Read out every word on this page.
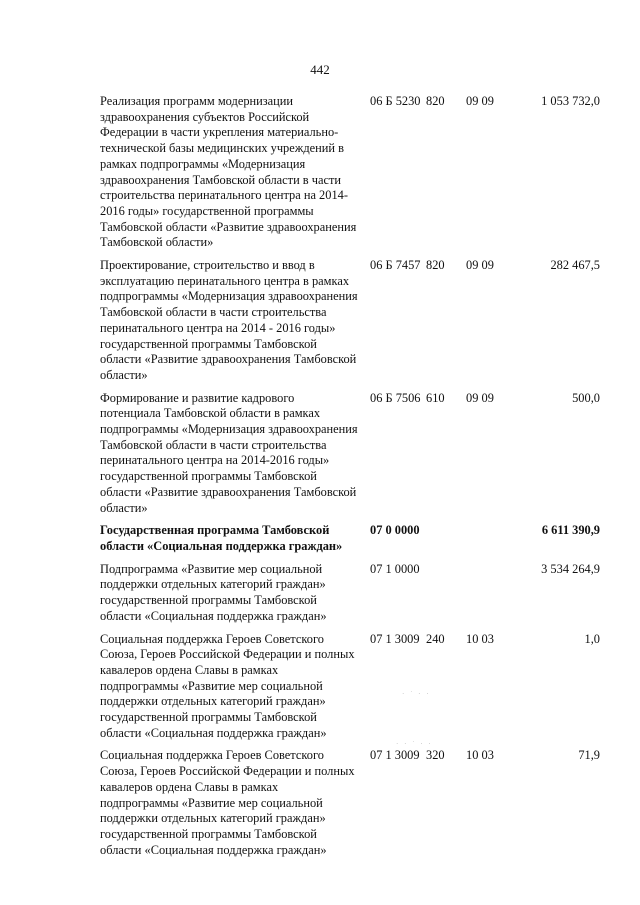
442
Реализация программ модернизации здравоохранения субъектов Российской Федерации в части укрепления материально-технической базы медицинских учреждений в рамках подпрограммы «Модернизация здравоохранения Тамбовской области в части строительства перинатального центра на 2014-2016 годы» государственной программы Тамбовской области «Развитие здравоохранения Тамбовской области»	06 Б 5230	820	09 09	1 053 732,0
Проектирование, строительство и ввод в эксплуатацию перинатального центра в рамках подпрограммы «Модернизация здравоохранения Тамбовской области в части строительства перинатального центра на 2014 - 2016 годы» государственной программы Тамбовской области «Развитие здравоохранения Тамбовской области»	06 Б 7457	820	09 09	282 467,5
Формирование и развитие кадрового потенциала Тамбовской области в рамках подпрограммы «Модернизация здравоохранения Тамбовской области в части строительства перинатального центра на 2014-2016 годы» государственной программы Тамбовской области «Развитие здравоохранения Тамбовской области»	06 Б 7506	610	09 09	500,0
Государственная программа Тамбовской области «Социальная поддержка граждан»	07 0 0000			6 611 390,9
Подпрограмма «Развитие мер социальной поддержки отдельных категорий граждан» государственной программы Тамбовской области «Социальная поддержка граждан»	07 1 0000			3 534 264,9
Социальная поддержка Героев Советского Союза, Героев Российской Федерации и полных кавалеров ордена Славы в рамках подпрограммы «Развитие мер социальной поддержки отдельных категорий граждан» государственной программы Тамбовской области «Социальная поддержка граждан»	07 1 3009	240	10 03	1,0
Социальная поддержка Героев Советского Союза, Героев Российской Федерации и полных кавалеров ордена Славы в рамках подпрограммы «Развитие мер социальной поддержки отдельных категорий граждан» государственной программы Тамбовской области «Социальная поддержка граждан»	07 1 3009	320	10 03	71,9
· ˙ · ·
· · ˙ · ·
